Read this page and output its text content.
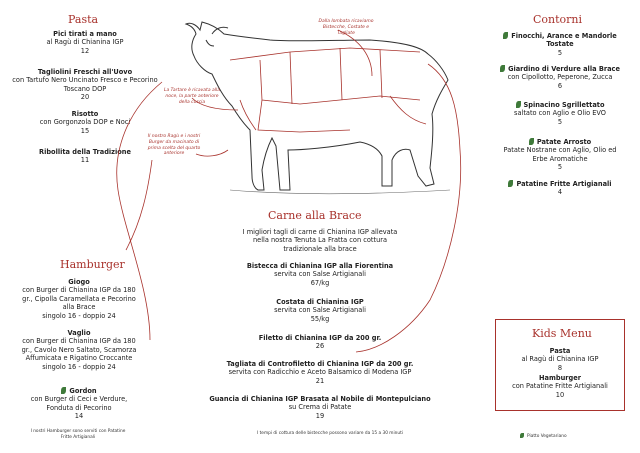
Pasta
Pici tirati a mano
al Ragù di Chianina IGP
12
Tagliolini Freschi all'Uovo
con Tartufo Nero Uncinato Fresco e Pecorino Toscano DOP
20
Risotto
con Gorgonzola DOP e Noci
15
Ribollita della Tradizione
11
Hamburger
Giogo
con Burger di Chianina IGP da 180 gr., Cipolla Caramellata e Pecorino alla Brace
singolo 16 - doppio 24
Vaglio
con Burger di Chianina IGP da 180 gr., Cavolo Nero Saltato, Scamorza Affumicata e Rigatino Croccante
singolo 16 - doppio 24
Gordon
con Burger di Ceci e Verdure, Fonduta di Pecorino
14
I nostri Hamburger sono serviti con Patatine Fritte Artigianali
Dalla lombata ricaviamo Bistecche, Costate e Tagliate
La Tartare è ricavata alla noce, la parte anteriore della coscia
Il nostro Ragù e i nostri Burger da macinato di prima scelta del quarto anteriore
Carne alla Brace
I migliori tagli di carne di Chianina IGP allevata nella nostra Tenuta La Fratta con cottura tradizionale alla brace
Bistecca di Chianina IGP alla Fiorentina
servita con Salse Artigianali
67/kg
Costata di Chianina IGP
servita con Salse Artigianali
55/kg
Filetto di Chianina IGP da 200 gr.
26
Tagliata di Controfiletto di Chianina IGP da 200 gr.
servita con Radicchio e Aceto Balsamico di Modena IGP
21
Guancia di Chianina IGP Brasata al Nobile di Montepulciano
su Crema di Patate
19
I tempi di cottura delle bistecche possono variare da 15 a 30 minuti
Contorni
Finocchi, Arance e Mandorle Tostate
5
Giardino di Verdure alla Brace
con Cipollotto, Peperone, Zucca
6
Spinacino Sgrillettato
saltato con Aglio e Olio EVO
5
Patate Arrosto
Patate Nostrane con Aglio, Olio ed Erbe Aromatiche
5
Patatine Fritte Artigianali
4
Kids Menu
Pasta
al Ragù di Chianina IGP
8
Hamburger
con Patatine Fritte Artigianali
10
Piatto Vegetariano
